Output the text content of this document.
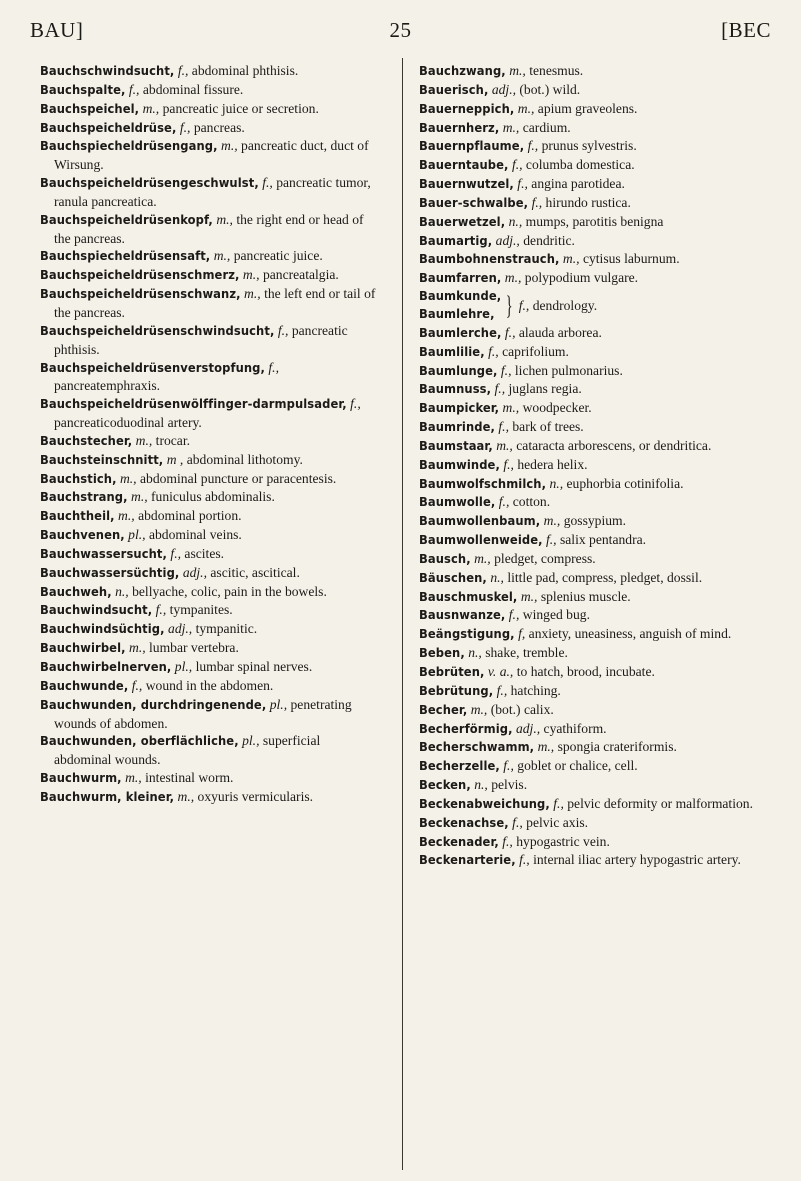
BAU]	25	[BEC

Bauchschwindsucht, f., abdominal phthisis.

Bauchspalte, f., abdominal fissure.

Bauchspeichel, m., pancreatic juice or secretion.

Bauchspeicheldrüse, f., pancreas.

Bauchspiecheldrüsengang, m., pancreatic duct, duct of Wirsung.

Bauchspeicheldrüsengeschwulst, f., pancreatic tumor, ranula pancreatica.

Bauchspeicheldrüsenkopf, m., the right end or head of the pancreas.

Bauchspiecheldrüsensaft, m., pancreatic juice.

Bauchspeicheldrüsenschmerz, m., pancreatalgia.

Bauchspeicheldrüsenschwanz, m., the left end or tail of the pancreas.

Bauchspeicheldrüsenschwindsucht, f., pancreatic phthisis.

Bauchspeicheldrüsenverstopfung, f., pancreatemphraxis.

Bauchspeicheldrüsenwölffinger-darmpulsader, f., pancreaticoduodinal artery.

Bauchstecher, m., trocar.

Bauchsteinschnitt, m , abdominal lithotomy.

Bauchstich, m., abdominal puncture or paracentesis.

Bauchstrang, m., funiculus abdominalis.

Bauchtheil, m., abdominal portion.

Bauchvenen, pl., abdominal veins.

Bauchwassersucht, f., ascites.

Bauchwassersüchtig, adj., ascitic, ascitical.

Bauchweh, n., bellyache, colic, pain in the bowels.

Bauchwindsucht, f., tympanites.

Bauchwindsüchtig, adj., tympanitic.

Bauchwirbel, m., lumbar vertebra.

Bauchwirbelnerven, pl., lumbar spinal nerves.

Bauchwunde, f., wound in the abdomen.

Bauchwunden, durchdringenende, pl., penetrating wounds of abdomen.

Bauchwunden, oberflächliche, pl., superficial abdominal wounds.

Bauchwurm, m., intestinal worm.

Bauchwurm, kleiner, m., oxyuris vermicularis.

Bauchzwang, m., tenesmus.

Bauerisch, adj., (bot.) wild.

Bauerneppich, m., apium graveolens.

Bauernherz, m., cardium.

Bauernpflaume, f., prunus sylvestris.

Bauerntaube, f., columba domestica.

Bauernwutzel, f., angina parotidea.

Bauer-schwalbe, f., hirundo rustica.

Bauerwetzel, n., mumps, parotitis benigna

Baumartig, adj., dendritic.

Baumbohnenstrauch, m., cytisus laburnum.

Baumfarren, m., polypodium vulgare.

Baumkunde,
Baumlehre, } f.,
dendrology.

Baumlerche, f., alauda arborea.

Baumlilie, f., caprifolium.

Baumlunge, f., lichen pulmonarius.

Baumnuss, f., juglans regia.

Baumpicker, m., woodpecker.

Baumrinde, f., bark of trees.

Baumstaar, m., cataracta arborescens, or dendritica.

Baumwinde, f., hedera helix.

Baumwolfschmilch, n., euphorbia cotinifolia.

Baumwolle, f., cotton.

Baumwollenbaum, m., gossypium.

Baumwollenweide, f., salix pentandra.

Bausch, m., pledget, compress.

Bäuschen, n., little pad, compress, pledget, dossil.

Bauschmuskel, m., splenius muscle.

Bausnwanze, f., winged bug.

Beängstigung, f, anxiety, uneasiness, anguish of mind.

Beben, n., shake, tremble.

Bebrüten, v. a., to hatch, brood, incubate.

Bebrütung, f., hatching.

Becher, m., (bot.) calix.

Becherförmig, adj., cyathiform.

Becherschwamm, m., spongia crateriformis.

Becherzelle, f., goblet or chalice, cell.

Becken, n., pelvis.

Beckenabweichung, f., pelvic deformity or malformation.

Beckenachse, f., pelvic axis.

Beckenader, f., hypogastric vein.

Beckenarterie, f., internal iliac artery hypogastric artery.
